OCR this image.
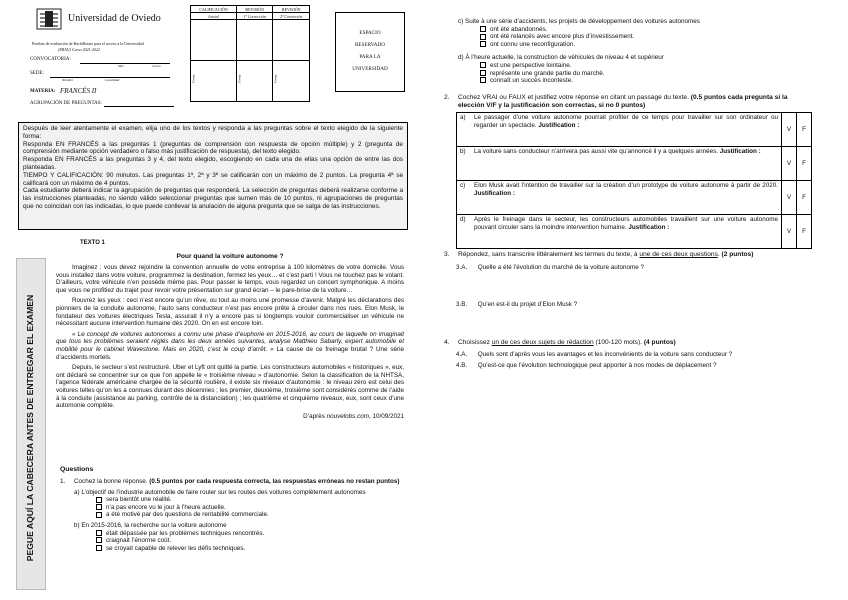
Universidad de Oviedo
Pruebas de evaluación de Bachillerato para el acceso a la Universidad
(EBAU) Curso 2021-2022
CONVOCATORIA:
Mes	Curso
SEDE:
Nombre	Localidad
MATERIA: FRANCÉS II
AGRUPACIÓN DE PREGUNTAS:
CALIFICACIÓN	REVISIÓN	REVISIÓN
Inicial	1ª Corrección	2ª Corrección

Firma	Firma	Firma
ESPACIO
RESERVADO
PARA LA
UNIVERSIDAD

Después de leer atentamente el examen, elija uno de los textos y responda a las preguntas sobre el texto elegido de la siguiente forma:

Responda EN FRANCÉS a las preguntas 1 (preguntas de comprensión con respuesta de opción múltiple) y 2 (pregunta de comprensión mediante opción verdadero o falso más justificación de respuesta), del texto elegido.

Responda EN FRANCÉS a las preguntas 3 y 4, del texto elegido, escogiendo en cada una de ellas una opción de entre las dos planteadas.

TIEMPO Y CALIFICACIÓN: 90 minutos. Las preguntas 1ª, 2ª y 3ª se calificarán con un máximo de 2 puntos. La pregunta 4ª se calificará con un máximo de 4 puntos.

Cada estudiante deberá indicar la agrupación de preguntas que responderá. La selección de preguntas deberá realizarse conforme a las instrucciones planteadas, no siendo válido seleccionar preguntas que sumen más de 10 puntos, ni agrupaciones de preguntas que no coincidan con las indicadas, lo que puede conllevar la anulación de alguna pregunta que se salga de las instrucciones.

PEGUE AQUÍ LA CABECERA ANTES DE ENTREGAR EL EXAMEN
TEXTO 1
Pour quand la voiture autonome ?

Imaginez : vous devez rejoindre la convention annuelle de votre entreprise à 100 kilomètres de votre domicile. Vous vous installez dans votre voiture, programmez la destination, fermez les yeux… et c’est parti ! Vous ne touchez pas le volant. D’ailleurs, votre véhicule n’en possède même pas. Pour passer le temps, vous regardez un concert symphonique. A moins que vous ne profitiez du trajet pour revoir votre présentation sur grand écran – le pare-brise de la voiture…

Rouvrez les yeux : ceci n’est encore qu’un rêve, ou tout au moins une promesse d’avenir. Malgré les déclarations des pionniers de la conduite autonome, l’auto sans conducteur n’est pas encore prête à circuler dans nos rues. Elon Musk, le fondateur des voitures électriques Tesla, assurait il n’y a encore pas si longtemps vouloir commercialiser un véhicule ne nécessitant aucune intervention humaine dès 2020. On en est encore loin.

« Le concept de voitures autonomes a connu une phase d’euphorie en 2015-2016, au cours de laquelle on imaginait que tous les problèmes seraient réglés dans les deux années suivantes, analyse Matthieu Sabarly, expert automobile et mobilité pour le cabinet Wavestone. Mais en 2020, c’est le coup d’arrêt. » La cause de ce freinage brutal ? Une série d’accidents mortels.

Depuis, le secteur s’est restructuré. Uber et Lyft ont quitté la partie. Les constructeurs automobiles « historiques », eux, ont déclaré se concentrer sur ce que l’on appelle le « troisième niveau » d’autonomie. Selon la classification de la NHTSA, l’agence fédérale américaine chargée de la sécurité routière, il existe six niveaux d’autonomie : le niveau zéro est celui des voitures telles qu’on les a connues durant des décennies ; les premier, deuxième, troisième sont considérés comme de l’aide à la conduite (assistance au parking, contrôle de la distanciation) ; les quatrième et cinquième niveaux, eux, sont ceux d’une automonie complète.

D’après nouvelobs.com, 10/09/2021

Questions
1.	Cochez la bonne réponse. (0.5 puntos por cada respuesta correcta, las respuestas erróneas no restan puntos)
a) L’objectif de l’industrie automobile de faire rouler sur les routes des voitures complètement autonomes
sera bientôt une réalité.
n’a pas encore vu le jour à l’heure actuelle.
a été motivé par des questions de rentabilité commerciale.
b) En 2015-2016, la recherche sur la voiture autonome
était dépassée par les problèmes techniques rencontrés.
craignait l’énorme coût.
se croyait capable de relever les défis techniques.
c) Suite à une série d’accidents, les projets de développement des voitures autonomes
ont été abandonnés.
ont été relancés avec encore plus d’investissement.
ont connu une reconfiguration.
d) À l’heure actuelle, la construction de véhicules de niveau 4 et supérieur
est une perspective lointaine.
représente une grande partie du marché.
connaît un succès inconteste.
2.	Cochez VRAI ou FAUX et justifiez votre réponse en citant un passage du texte. (0.5 puntos cada pregunta si la elección V/F y la justificación son correctas, si no 0 puntos)
a)	Le passager d’une voiture autonome pourrait profiter de ce temps pour travailler sur son ordinateur ou regarder un spectacle. Justification :	V	F
b)	La voiture sans conducteur n’arrivera pas aussi vite qu’annoncé il y a quelques années. Justification :	V	F
c)	Elon Musk avait l’intention de travailler sur la création d’un prototype de voiture autonome à partir de 2020. Justification :	V	F
d)	Après le freinage dans le secteur, les constructeurs automobiles travaillent sur une voiture autonome pouvant circuler sans la moindre intervention humaine. Justification :	V	F
3.	Répondez, sans transcrire littéralement les termes du texte, à une de ces deux questions. (2 puntos)
3.A. Quelle a été l’évolution du marché de la voiture autonome ?
3.B. Qu’en est-il du projet d’Elon Musk ?
4.	Choisissez un de ces deux sujets de rédaction (100-120 mots). (4 puntos)
4.A. Quels sont d’après vous les avantages et les inconvénients de la voiture sans conducteur ?
4.B. Qu’est-ce que l’évolution technologique peut apporter à nos modes de déplacement ?
